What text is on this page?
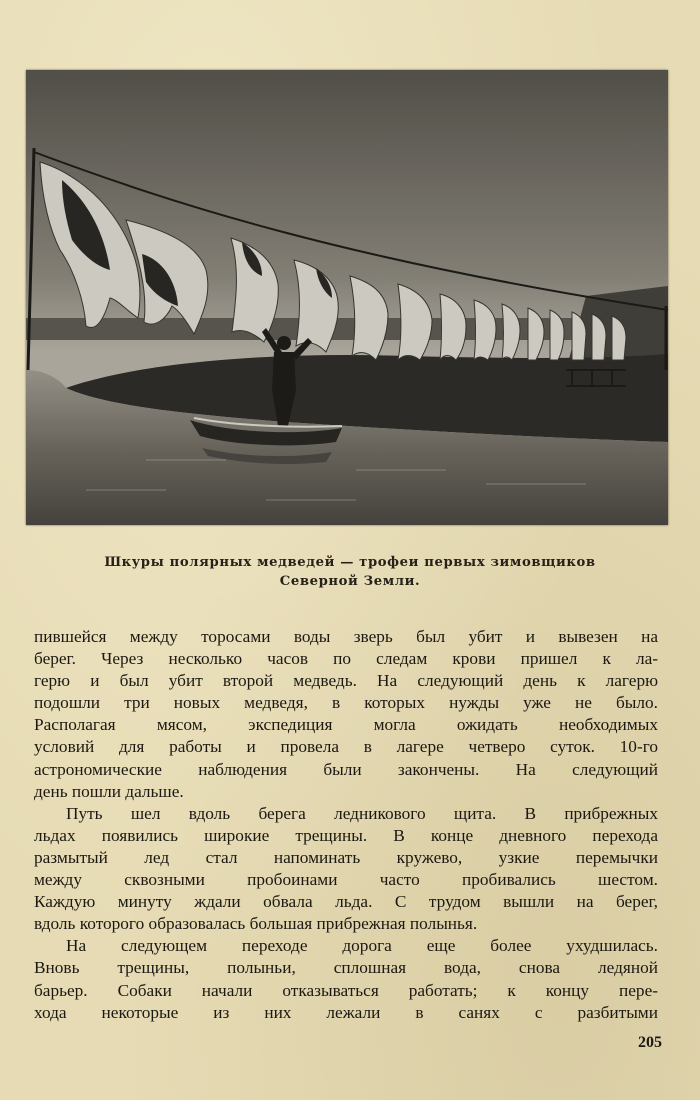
Шкуры полярных медведей — трофеи первых зимовщиков
Северной Земли.
пившейся между торосами воды зверь был убит и вывезен на
берег. Через несколько часов по следам крови пришел к ла-
герю и был убит второй медведь. На следующий день к лагерю
подошли три новых медведя, в которых нужды уже не было.
Располагая мясом, экспедиция могла ожидать необходимых
условий для работы и провела в лагере четверо суток. 10-го
астрономические наблюдения были закончены. На следующий
день пошли дальше.
Путь шел вдоль берега ледникового щита. В прибрежных
льдах появились широкие трещины. В конце дневного перехода
размытый лед стал напоминать кружево, узкие перемычки
между сквозными пробоинами часто пробивались шестом.
Каждую минуту ждали обвала льда. С трудом вышли на берег,
вдоль которого образовалась большая прибрежная полынья.
На следующем переходе дорога еще более ухудшилась.
Вновь трещины, полыньи, сплошная вода, снова ледяной
барьер. Собаки начали отказываться работать; к концу пере-
хода некоторые из них лежали в санях с разбитыми
205
